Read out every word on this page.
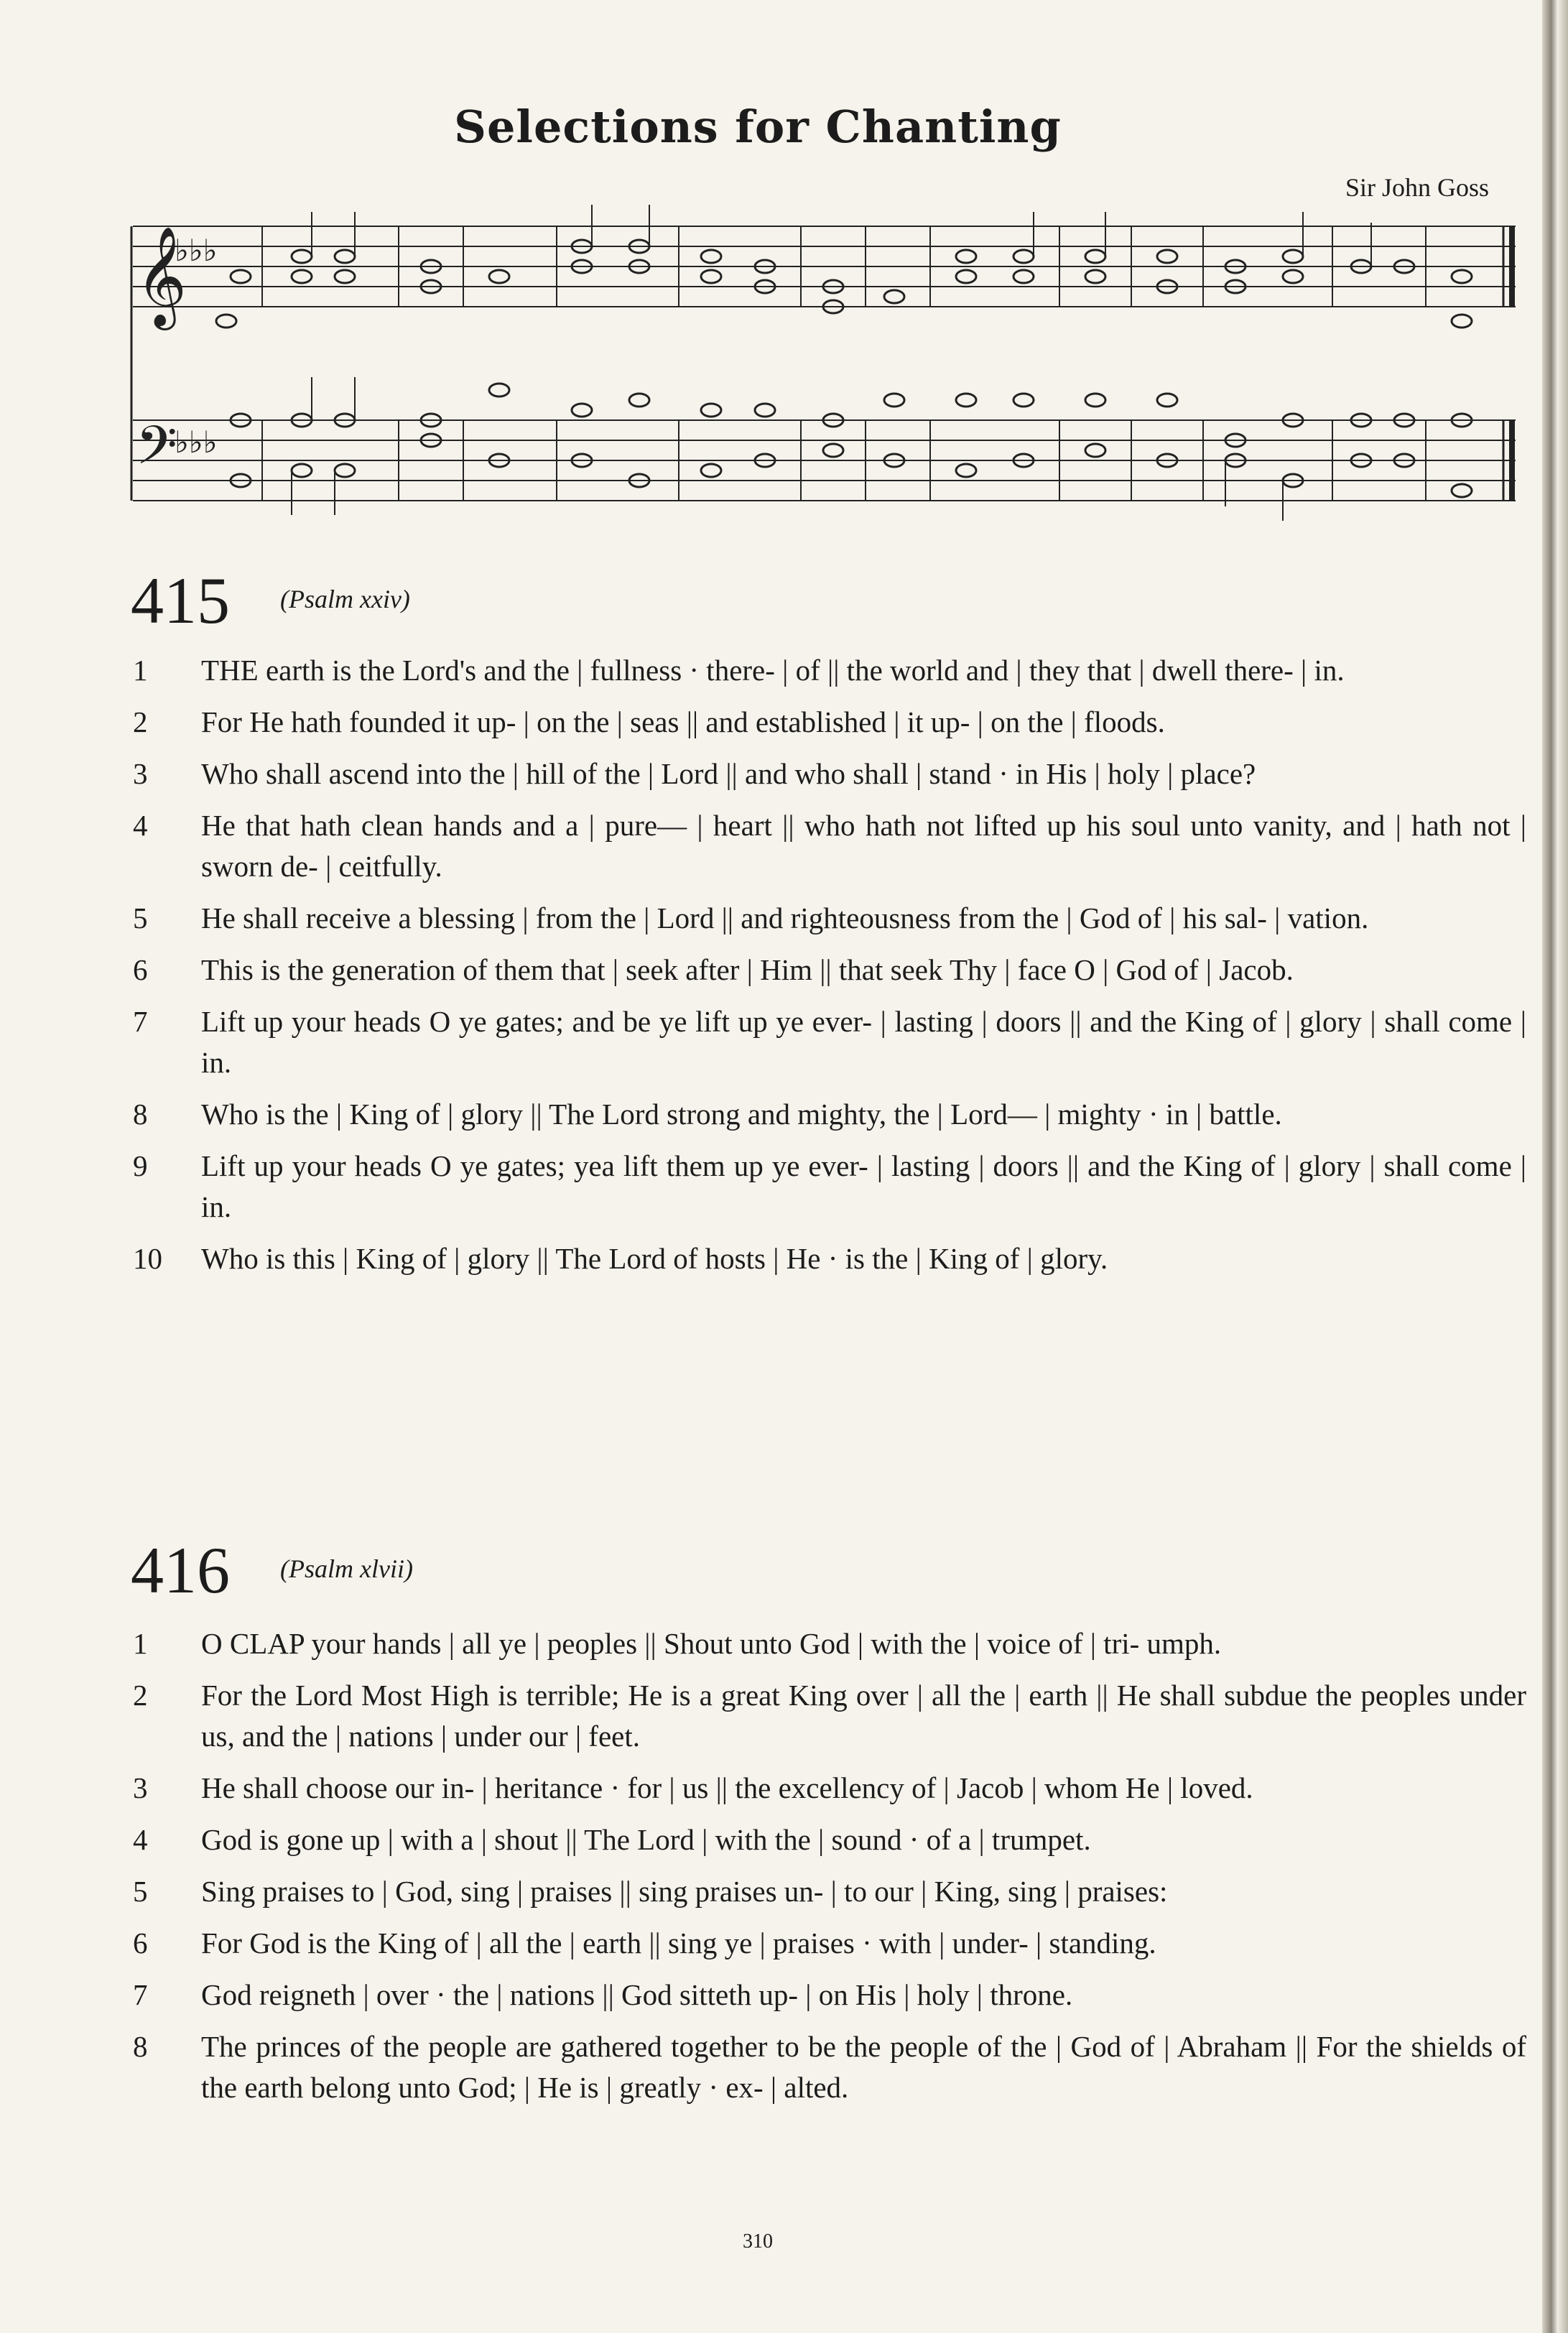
Selections for Chanting
Sir John Goss
𝄞
𝄢
♭♭♭
♭♭♭
415 (Psalm xxiv)
1 THE earth is the Lord's and the | fullness · there- | of || the world and | they that | dwell there- | in.
2 For He hath founded it up- | on the | seas || and established | it up- | on the | floods.
3 Who shall ascend into the | hill of the | Lord || and who shall | stand · in His | holy | place?
4 He that hath clean hands and a | pure— | heart || who hath not lifted up his soul unto vanity, and | hath not | sworn de- | ceitfully.
5 He shall receive a blessing | from the | Lord || and righteousness from the | God of | his sal- | vation.
6 This is the generation of them that | seek after | Him || that seek Thy | face O | God of | Jacob.
7 Lift up your heads O ye gates; and be ye lift up ye ever- | lasting | doors || and the King of | glory | shall come | in.
8 Who is the | King of | glory || The Lord strong and mighty, the | Lord— | mighty · in | battle.
9 Lift up your heads O ye gates; yea lift them up ye ever- | lasting | doors || and the King of | glory | shall come | in.
10 Who is this | King of | glory || The Lord of hosts | He · is the | King of | glory.
416 (Psalm xlvii)
1 O CLAP your hands | all ye | peoples || Shout unto God | with the | voice of | tri- umph.
2 For the Lord Most High is terrible; He is a great King over | all the | earth || He shall subdue the peoples under us, and the | nations | under our | feet.
3 He shall choose our in- | heritance · for | us || the excellency of | Jacob | whom He | loved.
4 God is gone up | with a | shout || The Lord | with the | sound · of a | trumpet.
5 Sing praises to | God, sing | praises || sing praises un- | to our | King, sing | praises:
6 For God is the King of | all the | earth || sing ye | praises · with | under- | standing.
7 God reigneth | over · the | nations || God sitteth up- | on His | holy | throne.
8 The princes of the people are gathered together to be the people of the | God of | Abraham || For the shields of the earth belong unto God; | He is | greatly · ex- | alted.
310
